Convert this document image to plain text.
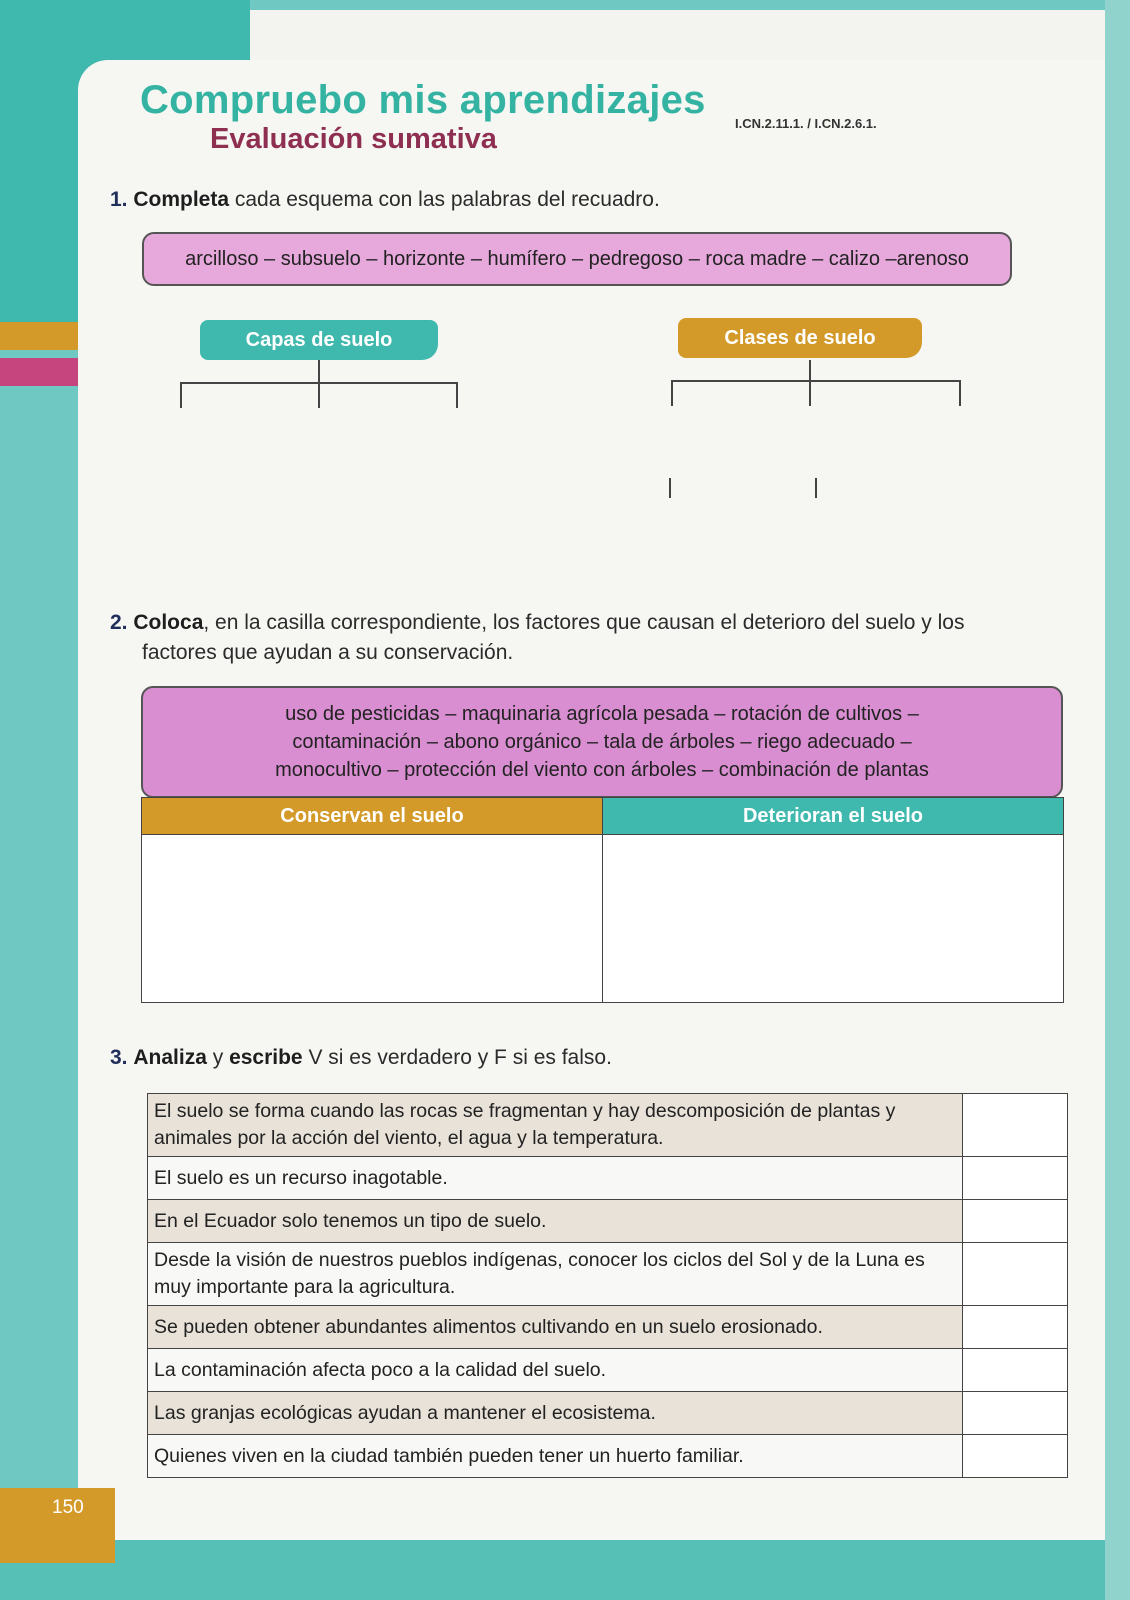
150
Compruebo mis aprendizajes
Evaluación sumativa	I.CN.2.11.1. / I.CN.2.6.1.
1. Completa cada esquema con las palabras del recuadro.
arcilloso – subsuelo – horizonte – humífero – pedregoso – roca madre – calizo –arenoso
Capas de suelo	Clases de suelo
2. Coloca, en la casilla correspondiente, los factores que causan el deterioro del suelo y los
factores que ayudan a su conservación.
uso de pesticidas – maquinaria agrícola pesada – rotación de cultivos –
contaminación – abono orgánico – tala de árboles – riego adecuado –
monocultivo – protección del viento con árboles – combinación de plantas
Conservan el suelo	Deterioran el suelo

3. Analiza y escribe V si es verdadero y F si es falso.
El suelo se forma cuando las rocas se fragmentan y hay descomposición de plantas y animales por la acción del viento, el agua y la temperatura.	
El suelo es un recurso inagotable.	
En el Ecuador solo tenemos un tipo de suelo.	
Desde la visión de nuestros pueblos indígenas, conocer los ciclos del Sol y de la Luna es muy importante para la agricultura.	
Se pueden obtener abundantes alimentos cultivando en un suelo erosionado.	
La contaminación afecta poco a la calidad del suelo.	
Las granjas ecológicas ayudan a mantener el ecosistema.	
Quienes viven en la ciudad también pueden tener un huerto familiar.	
